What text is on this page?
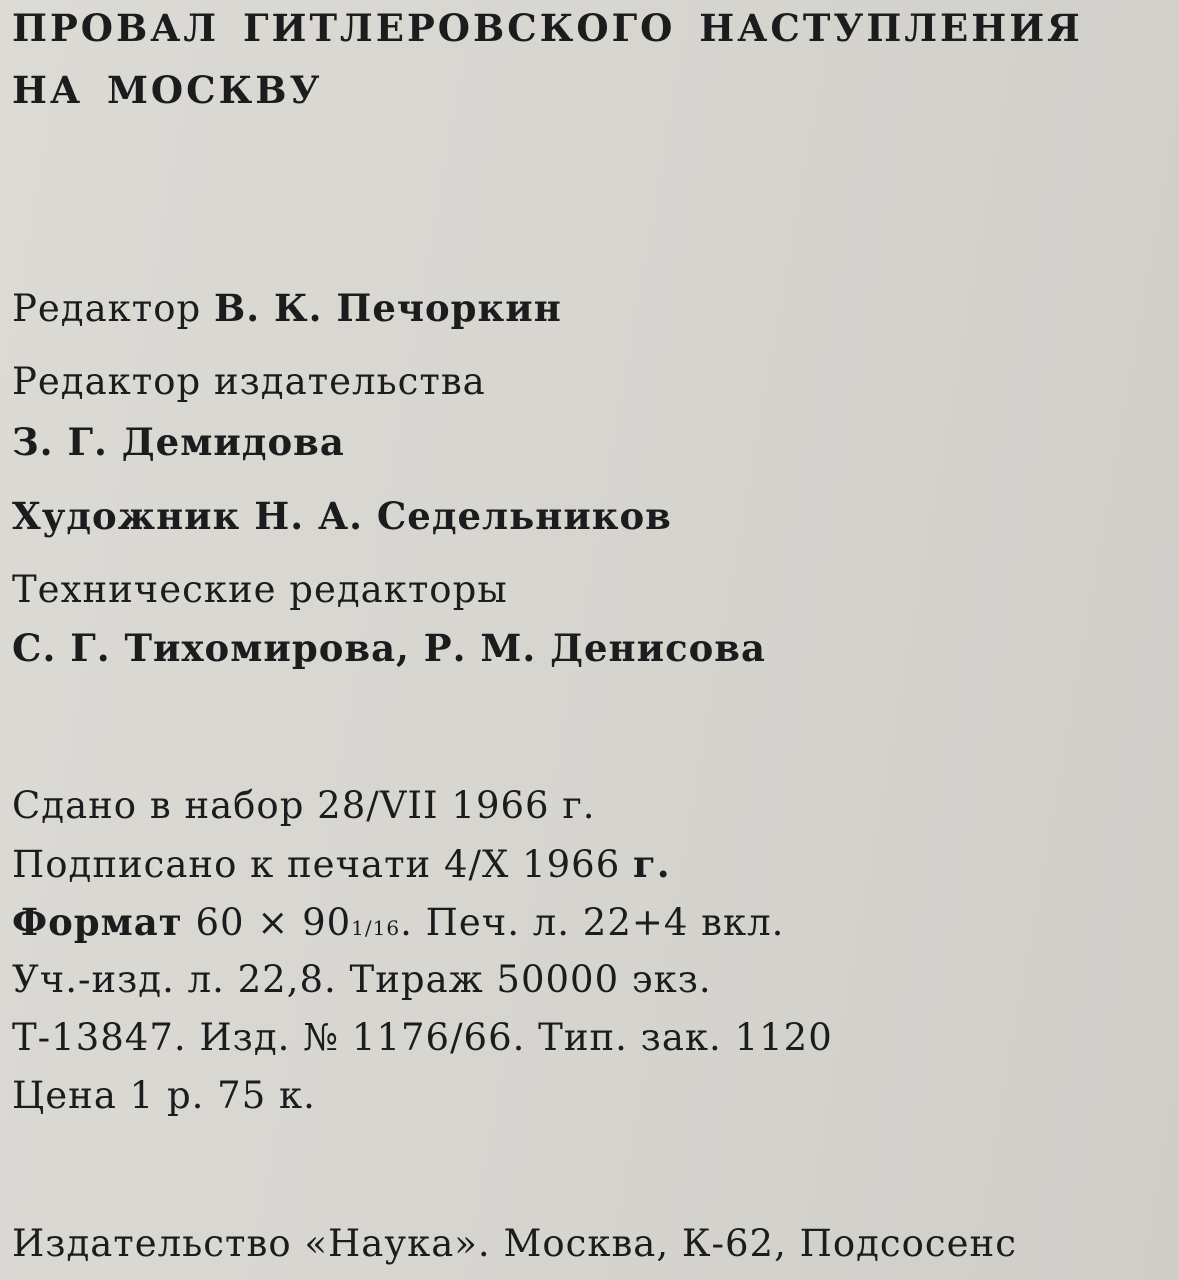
ПРОВАЛ ГИТЛЕРОВСКОГО НАСТУПЛЕНИЯ
НА МОСКВУ
Редактор В. К. Печоркин
Редактор издательства
З. Г. Демидова
Художник Н. А. Седельников
Технические редакторы
С. Г. Тихомирова, Р. М. Денисова
Сдано в набор 28/VII 1966 г.
Подписано к печати 4/X 1966 г.
Формат 60 × 901/16. Печ. л. 22+4 вкл.
Уч.-изд. л. 22,8. Тираж 50000 экз.
Т-13847. Изд. № 1176/66. Тип. зак. 1120
Цена 1 р. 75 к.
Издательство «Наука». Москва, К-62, Подсосенс
